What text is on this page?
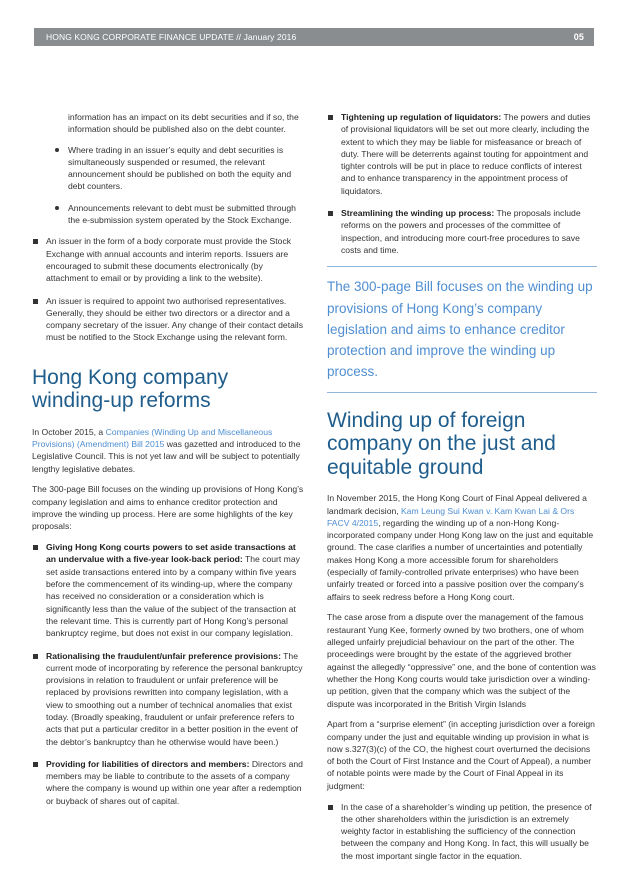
HONG KONG CORPORATE FINANCE UPDATE // January 2016	05

information has an impact on its debt securities and if so, the information should be published also on the debt counter.

Where trading in an issuer’s equity and debt securities is simultaneously suspended or resumed, the relevant announcement should be published on both the equity and debt counters.
Announcements relevant to debt must be submitted through the e-submission system operated by the Stock Exchange.
An issuer in the form of a body corporate must provide the Stock Exchange with annual accounts and interim reports. Issuers are encouraged to submit these documents electronically (by attachment to email or by providing a link to the website).
An issuer is required to appoint two authorised representatives. Generally, they should be either two directors or a director and a company secretary of the issuer. Any change of their contact details must be notified to the Stock Exchange using the relevant form.
Hong Kong company winding-up reforms

In October 2015, a Companies (Winding Up and Miscellaneous Provisions) (Amendment) Bill 2015 was gazetted and introduced to the Legislative Council. This is not yet law and will be subject to potentially lengthy legislative debates.

The 300-page Bill focuses on the winding up provisions of Hong Kong’s company legislation and aims to enhance creditor protection and improve the winding up process. Here are some highlights of the key proposals:

Giving Hong Kong courts powers to set aside transactions at an undervalue with a five-year look-back period: The court may set aside transactions entered into by a company within five years before the commencement of its winding-up, where the company has received no consideration or a consideration which is significantly less than the value of the subject of the transaction at the relevant time. This is currently part of Hong Kong’s personal bankruptcy regime, but does not exist in our company legislation.
Rationalising the fraudulent/unfair preference provisions: The current mode of incorporating by reference the personal bankruptcy provisions in relation to fraudulent or unfair preference will be replaced by provisions rewritten into company legislation, with a view to smoothing out a number of technical anomalies that exist today. (Broadly speaking, fraudulent or unfair preference refers to acts that put a particular creditor in a better position in the event of the debtor’s bankruptcy than he otherwise would have been.)
Providing for liabilities of directors and members: Directors and members may be liable to contribute to the assets of a company where the company is wound up within one year after a redemption or buyback of shares out of capital.
Tightening up regulation of liquidators: The powers and duties of provisional liquidators will be set out more clearly, including the extent to which they may be liable for misfeasance or breach of duty. There will be deterrents against touting for appointment and tighter controls will be put in place to reduce conflicts of interest and to enhance transparency in the appointment process of liquidators.
Streamlining the winding up process: The proposals include reforms on the powers and processes of the committee of inspection, and introducing more court-free procedures to save costs and time.
The 300-page Bill focuses on the winding up provisions of Hong Kong’s company legislation and aims to enhance creditor protection and improve the winding up process.
Winding up of foreign company on the just and equitable ground

In November 2015, the Hong Kong Court of Final Appeal delivered a landmark decision, Kam Leung Sui Kwan v. Kam Kwan Lai & Ors FACV 4/2015, regarding the winding up of a non-Hong Kong-incorporated company under Hong Kong law on the just and equitable ground. The case clarifies a number of uncertainties and potentially makes Hong Kong a more accessible forum for shareholders (especially of family-controlled private enterprises) who have been unfairly treated or forced into a passive position over the company’s affairs to seek redress before a Hong Kong court.

The case arose from a dispute over the management of the famous restaurant Yung Kee, formerly owned by two brothers, one of whom alleged unfairly prejudicial behaviour on the part of the other. The proceedings were brought by the estate of the aggrieved brother against the allegedly “oppressive” one, and the bone of contention was whether the Hong Kong courts would take jurisdiction over a winding-up petition, given that the company which was the subject of the dispute was incorporated in the British Virgin Islands

Apart from a “surprise element” (in accepting jurisdiction over a foreign company under the just and equitable winding up provision in what is now s.327(3)(c) of the CO, the highest court overturned the decisions of both the Court of First Instance and the Court of Appeal), a number of notable points were made by the Court of Final Appeal in its judgment:

In the case of a shareholder’s winding up petition, the presence of the other shareholders within the jurisdiction is an extremely weighty factor in establishing the sufficiency of the connection between the company and Hong Kong. In fact, this will usually be the most important single factor in the equation.
